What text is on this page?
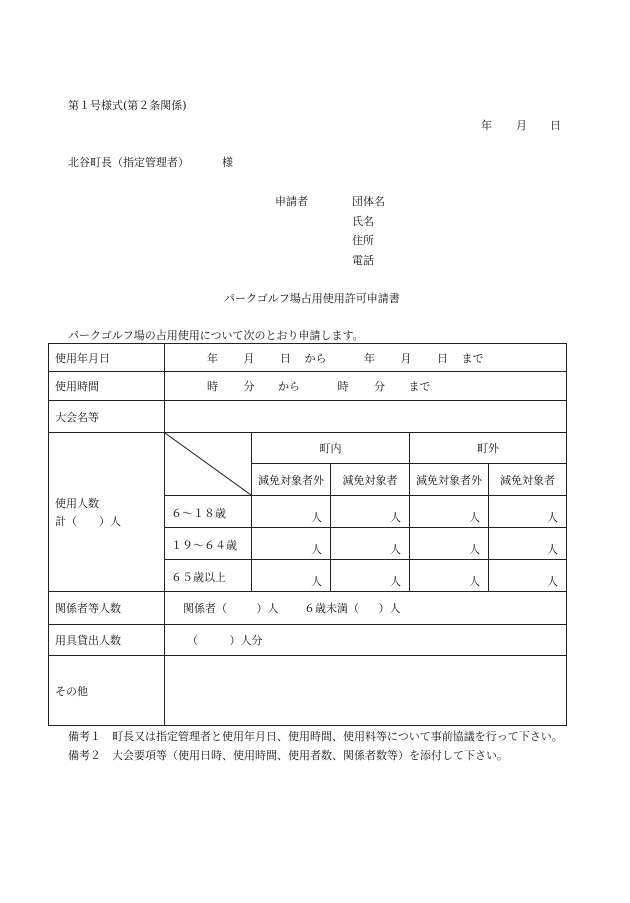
第１号様式(第２条関係)
年 月 日
北谷町長（指定管理者）	様
申請者	団体名
氏名
住所
電話
パークゴルフ場占用使用許可申請書
パークゴルフ場の占用使用について次のとおり申請します。
使用年月日	年 月 日 から 年 月 日 まで				
使用時間	時 分 から 時 分 まで				
大会名等					

使用人数
計（　　）人		町内		町外	
		減免対象者外	減免対象者	減免対象者外	減免対象者
	６～１８歳	人	人	人	人
	１９～６４歳	人	人	人	人
	６５歳以上	人	人	人	人
関係者等人数	関係者（ ）人 ６歳未満（ ）人				
用具貸出人数	（ ）人分				
その他					
備考１　町長又は指定管理者と使用年月日、使用時間、使用料等について事前協議を行って下さい。
備考２　大会要項等（使用日時、使用時間、使用者数、関係者数等）を添付して下さい。
